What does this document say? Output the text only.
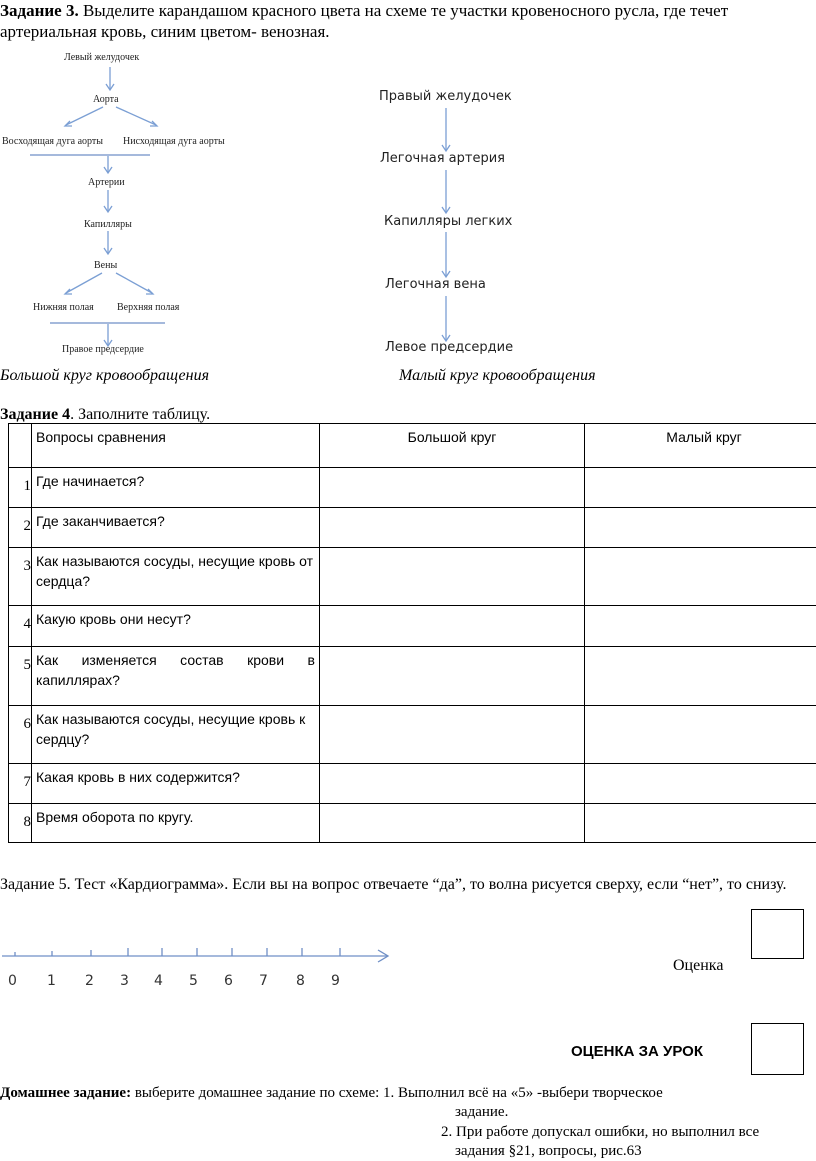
Задание 3. Выделите карандашом красного цвета на схеме те участки кровеносного русла, где течет артериальная кровь, синим цветом- венозная.
Левый желудочек
Аорта
Восходящая дуга аорты Нисходящая дуга аорты
Артерии
Капилляры
Вены
Нижняя полая Верхняя полая
Правое предсердие
Правый желудочек
Легочная артерия
Капилляры легких
Легочная вена
Левое предсердие
Большой круг кровообращения	Малый круг кровообращения
Задание 4. Заполните таблицу.
	Вопросы сравнения	Большой круг	Малый круг
1	Где начинается?		
2	Где заканчивается?		
3	Как называются сосуды, несущие кровь от сердца?		
4	Какую кровь они несут?		
5	Как изменяется состав крови в капиллярах?		
6	Как называются сосуды, несущие кровь к сердцу?		
7	Какая кровь в них содержится?		
8	Время оборота по кругу.		
Задание 5. Тест «Кардиограмма». Если вы на вопрос отвечаете “да”, то волна рисуется сверху, если “нет”, то снизу.
0 1 2 3 4 5 6 7 8 9
Оценка
ОЦЕНКА ЗА УРОК
Домашнее задание: выберите домашнее задание по схеме: 1. Выполнил всё на «5» -выбери творческое
задание.
2. При работе допускал ошибки, но выполнил все
задания §21, вопросы, рис.63
